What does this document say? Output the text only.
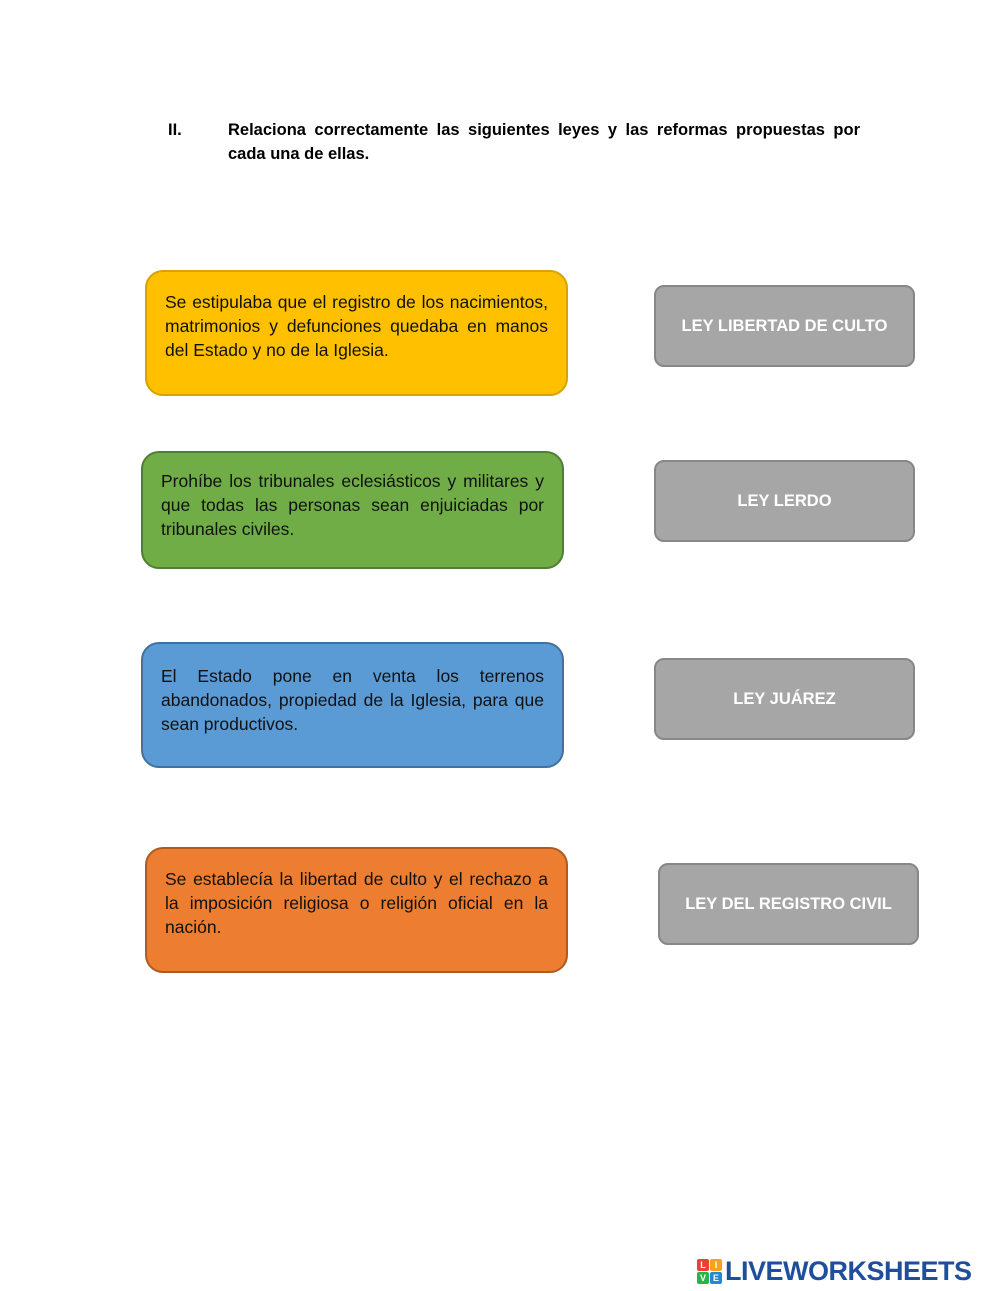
II.	Relaciona correctamente las siguientes leyes y las reformas propuestas por cada una de ellas.
Se estipulaba que el registro de los nacimientos, matrimonios y defunciones quedaba en manos del Estado y no de la Iglesia.
Prohíbe los tribunales eclesiásticos y militares y que todas las personas sean enjuiciadas por tribunales civiles.
El Estado pone en venta los terrenos abandonados, propiedad de la Iglesia, para que sean productivos.
Se establecía la libertad de culto y el rechazo a la imposición religiosa o religión oficial en la nación.
LEY LIBERTAD DE CULTO
LEY LERDO
LEY JUÁREZ
LEY DEL REGISTRO CIVIL
L I
V E LIVEWORKSHEETS
